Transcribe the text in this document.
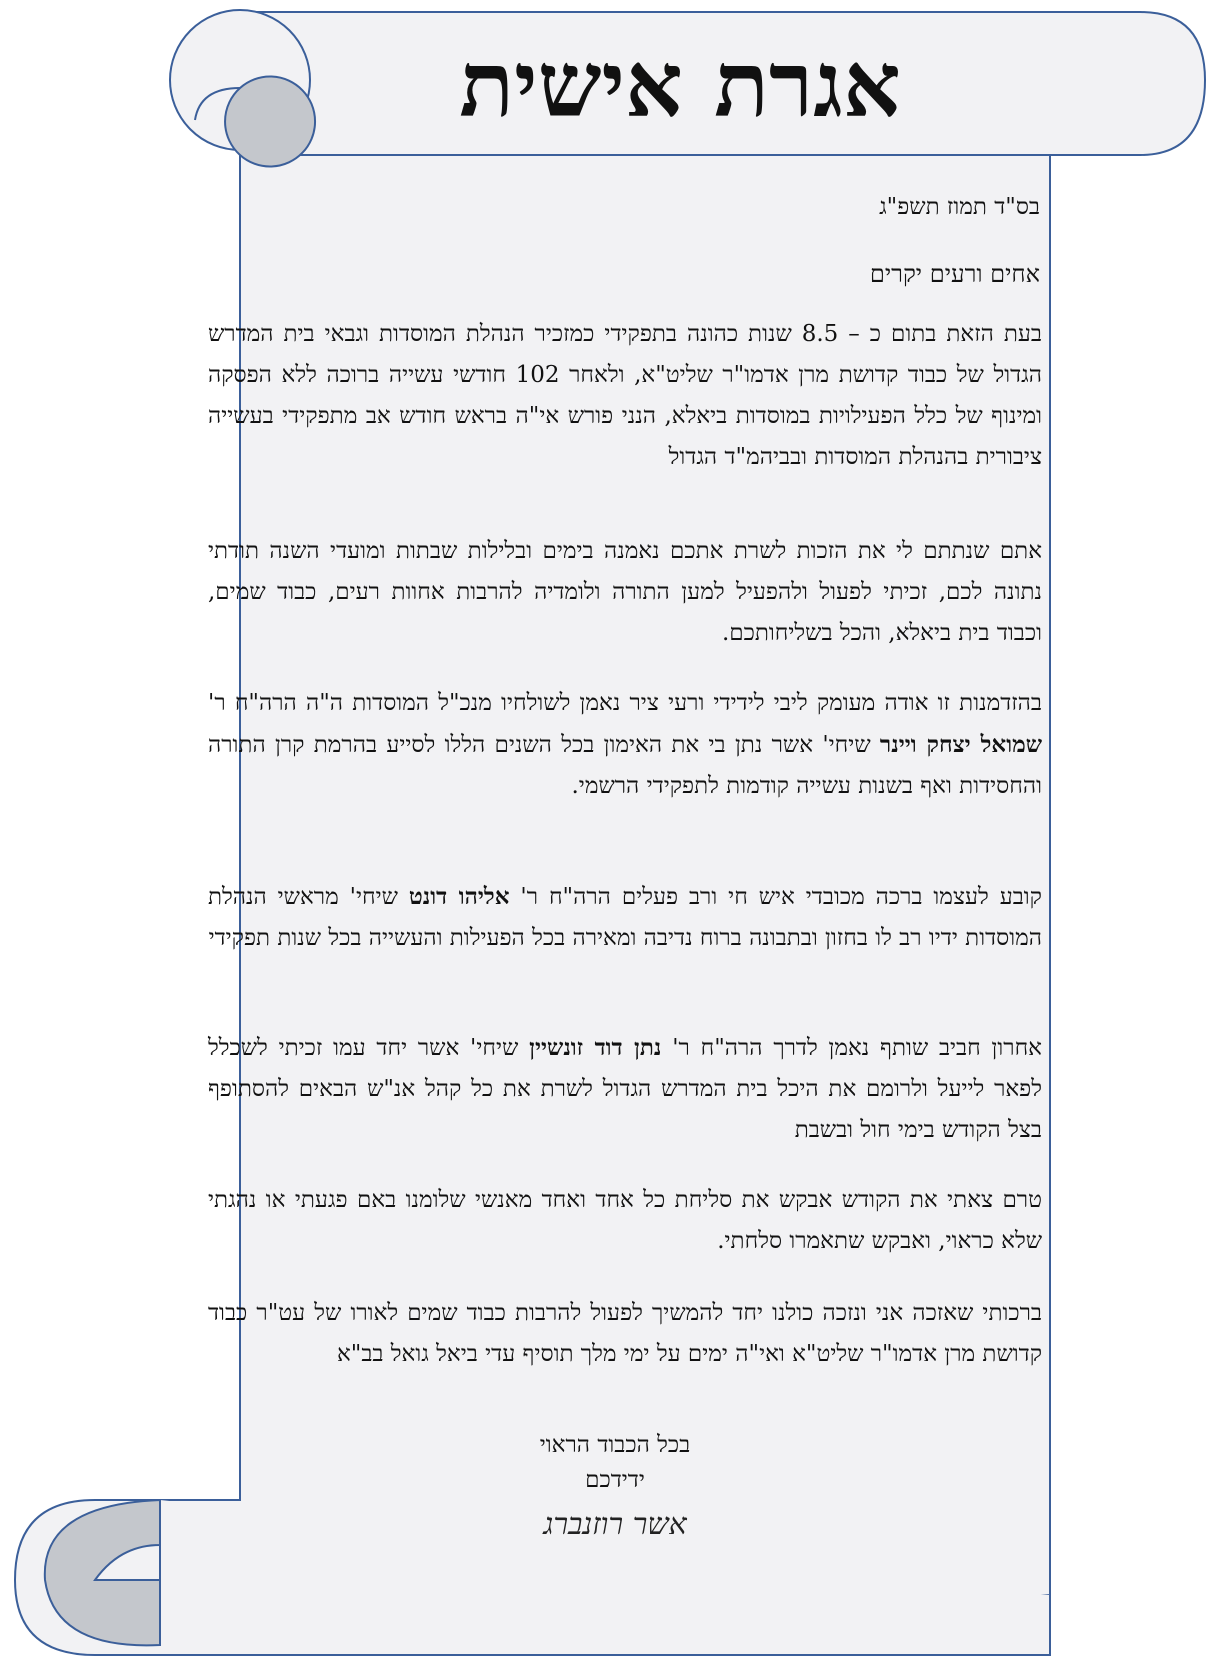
אגרת אישית
בס"ד תמוז תשפ"ג
אחים ורעים יקרים
בעת הזאת בתום כ – 8.5 שנות כהונה בתפקידי כמזכיר הנהלת המוסדות וגבאי בית המדרש הגדול של כבוד קדושת מרן אדמו"ר שליט"א, ולאחר 102 חודשי עשייה ברוכה ללא הפסקה ומינוף של כלל הפעילויות במוסדות ביאלא, הנני פורש אי"ה בראש חודש אב מתפקידי בעשייה ציבורית בהנהלת המוסדות ובביהמ"ד הגדול
אתם שנתתם לי את הזכות לשרת אתכם נאמנה בימים ובלילות שבתות ומועדי השנה תודתי נתונה לכם, זכיתי לפעול ולהפעיל למען התורה ולומדיה להרבות אחוות רעים, כבוד שמים, וכבוד בית ביאלא, והכל בשליחותכם.
בהזדמנות זו אודה מעומק ליבי לידידי ורעי ציר נאמן לשולחיו מנכ"ל המוסדות ה"ה הרה"ח ר' שמואל יצחק ויינר שיחי' אשר נתן בי את האימון בכל השנים הללו לסייע בהרמת קרן התורה והחסידות ואף בשנות עשייה קודמות לתפקידי הרשמי.
קובע לעצמו ברכה מכובדי איש חי ורב פעלים הרה"ח ר' אליהו דונט שיחי' מראשי הנהלת המוסדות ידיו רב לו בחזון ובתבונה ברוח נדיבה ומאירה בכל הפעילות והעשייה בכל שנות תפקידי
אחרון חביב שותף נאמן לדרך הרה"ח ר' נתן דוד זונשיין שיחי' אשר יחד עמו זכיתי לשכלל לפאר לייעל ולרומם את היכל בית המדרש הגדול לשרת את כל קהל אנ"ש הבאים להסתופף בצל הקודש בימי חול ובשבת
טרם צאתי את הקודש אבקש את סליחת כל אחד ואחד מאנשי שלומנו באם פגעתי או נהגתי שלא כראוי, ואבקש שתאמרו סלחתי.
ברכותי שאזכה אני ונזכה כולנו יחד להמשיך לפעול להרבות כבוד שמים לאורו של עט"ר כבוד קדושת מרן אדמו"ר שליט"א ואי"ה ימים על ימי מלך תוסיף עדי ביאל גואל בב"א
בכל הכבוד הראוי
ידידכם
אשר רוזנברג
